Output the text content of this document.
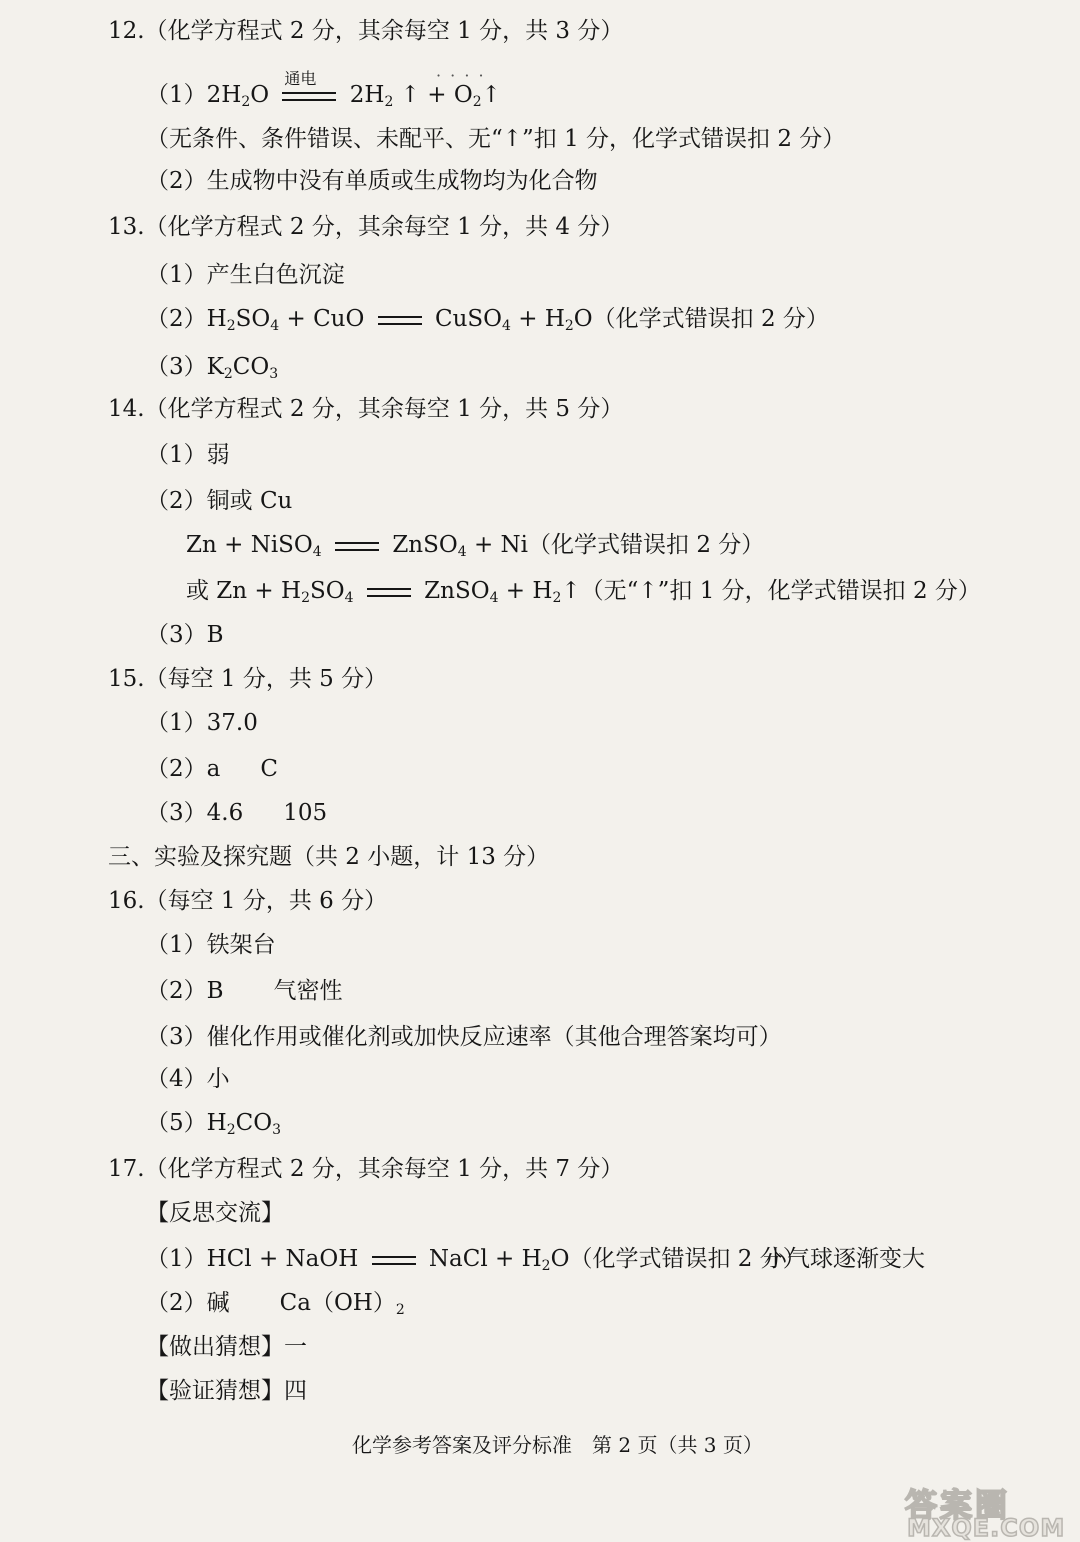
12.（化学方程式 2 分，其余每空 1 分，共 3 分）
$(1)2H_2O$
通电
$2H_2$ ↑ + $O_2↑$
· · · ·
（无条件、条件错误、未配平、无“↑”扣 1 分，化学式错误扣 2 分）
（2）生成物中没有单质或生成物均为化合物
13.（化学方程式 2 分，其余每空 1 分，共 4 分）
（1）产生白色沉淀
$(2)H_2SO_4$ + CuO	CuSO$_4$ + $H_2O$（化学式错误扣 2 分）
$(3)K_2CO_3$
14.（化学方程式 2 分，其余每空 1 分，共 5 分）
（1）弱
（2）铜或 Cu
Zn + NiSO$_4$	ZnSO$_4$ + Ni（化学式错误扣 2 分）
或 $Zn + H_2SO_4$	ZnSO$_4$ + $H_2↑$（无“↑”扣 1 分，化学式错误扣 2 分）
（3）B
15.（每空 1 分，共 5 分）
（1）37.0
（2）a C
（3）4.6 105
三、实验及探究题（共 2 小题，计 13 分）
16.（每空 1 分，共 6 分）
（1）铁架台
（2）B 气密性
（3）催化作用或催化剂或加快反应速率（其他合理答案均可）
（4）小
$(5)H_2CO_3$
17.（化学方程式 2 分，其余每空 1 分，共 7 分）
【反思交流】
（1）HCl + NaOH	NaCl + $H_2O$（化学式错误扣 2 分）
小气球逐渐变大
（2）碱 $Ca(OH)_2$
【做出猜想】一
【验证猜想】四
化学参考答案及评分标准　第 2 页（共 3 页）
答案圈
MXQE.COM
